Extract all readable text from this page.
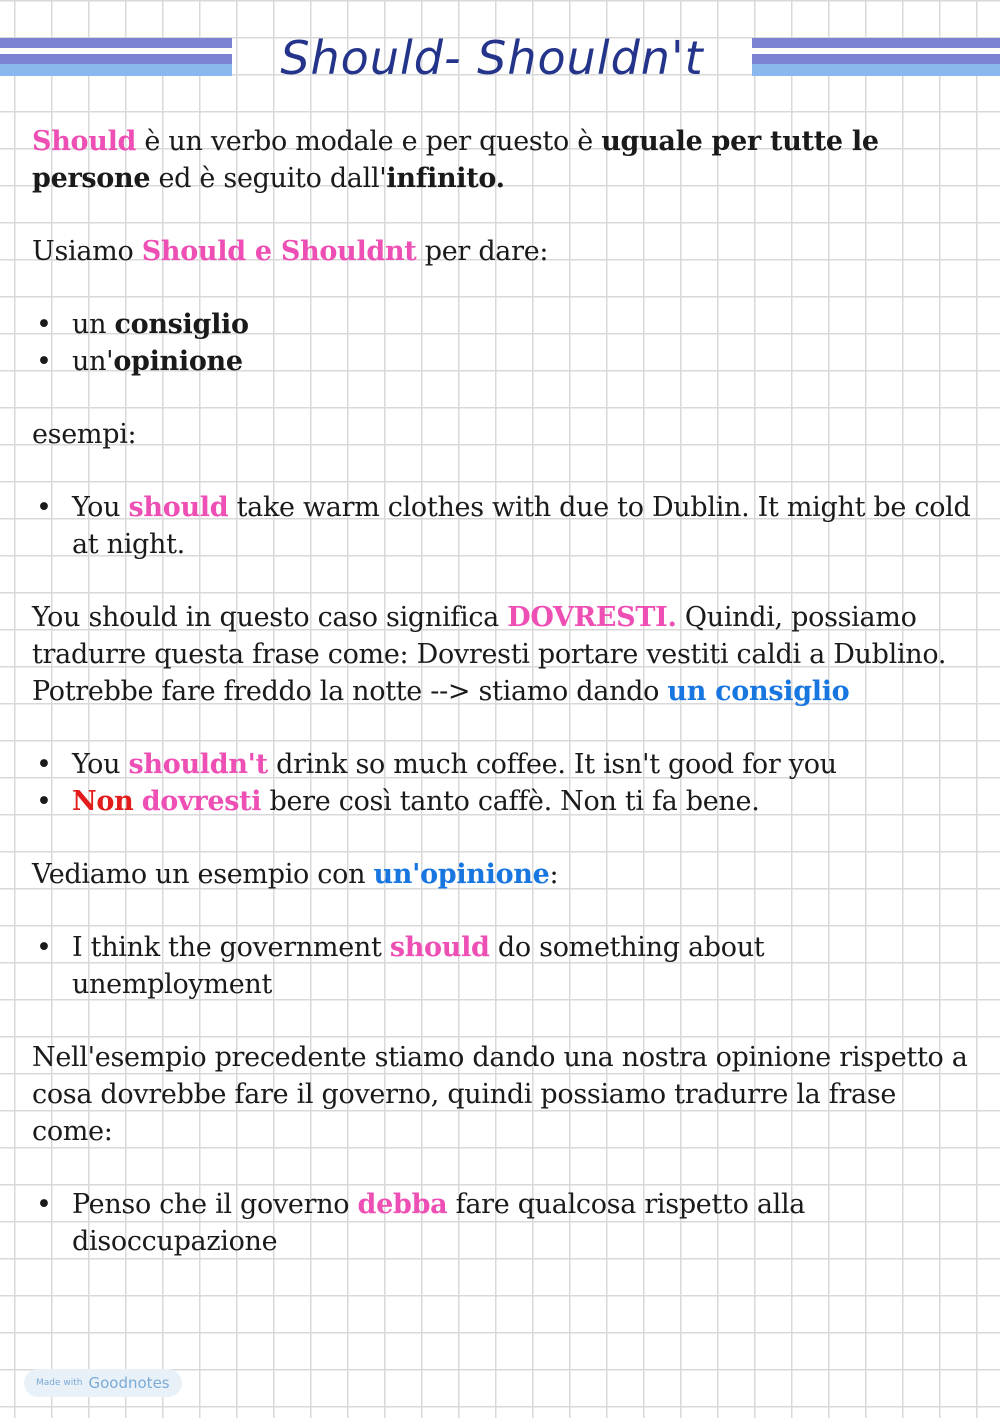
Should- Shouldn't

Should è un verbo modale e per questo è uguale per tutte le persone ed è seguito dall'infinito.

Usiamo Should e Shouldnt per dare:

• un consiglio
• un'opinione

esempi:

• You should take warm clothes with due to Dublin. It might be cold at night.

You should in questo caso significa DOVRESTI. Quindi, possiamo tradurre questa frase come: Dovresti portare vestiti caldi a Dublino. Potrebbe fare freddo la notte --> stiamo dando un consiglio

• You shouldn't drink so much coffee. It isn't good for you
• Non dovresti bere così tanto caffè. Non ti fa bene.

Vediamo un esempio con un'opinione:

• I think the government should do something about unemployment

Nell'esempio precedente stiamo dando una nostra opinione rispetto a cosa dovrebbe fare il governo, quindi possiamo tradurre la frase come:

• Penso che il governo debba fare qualcosa rispetto alla disoccupazione
Made with Goodnotes
